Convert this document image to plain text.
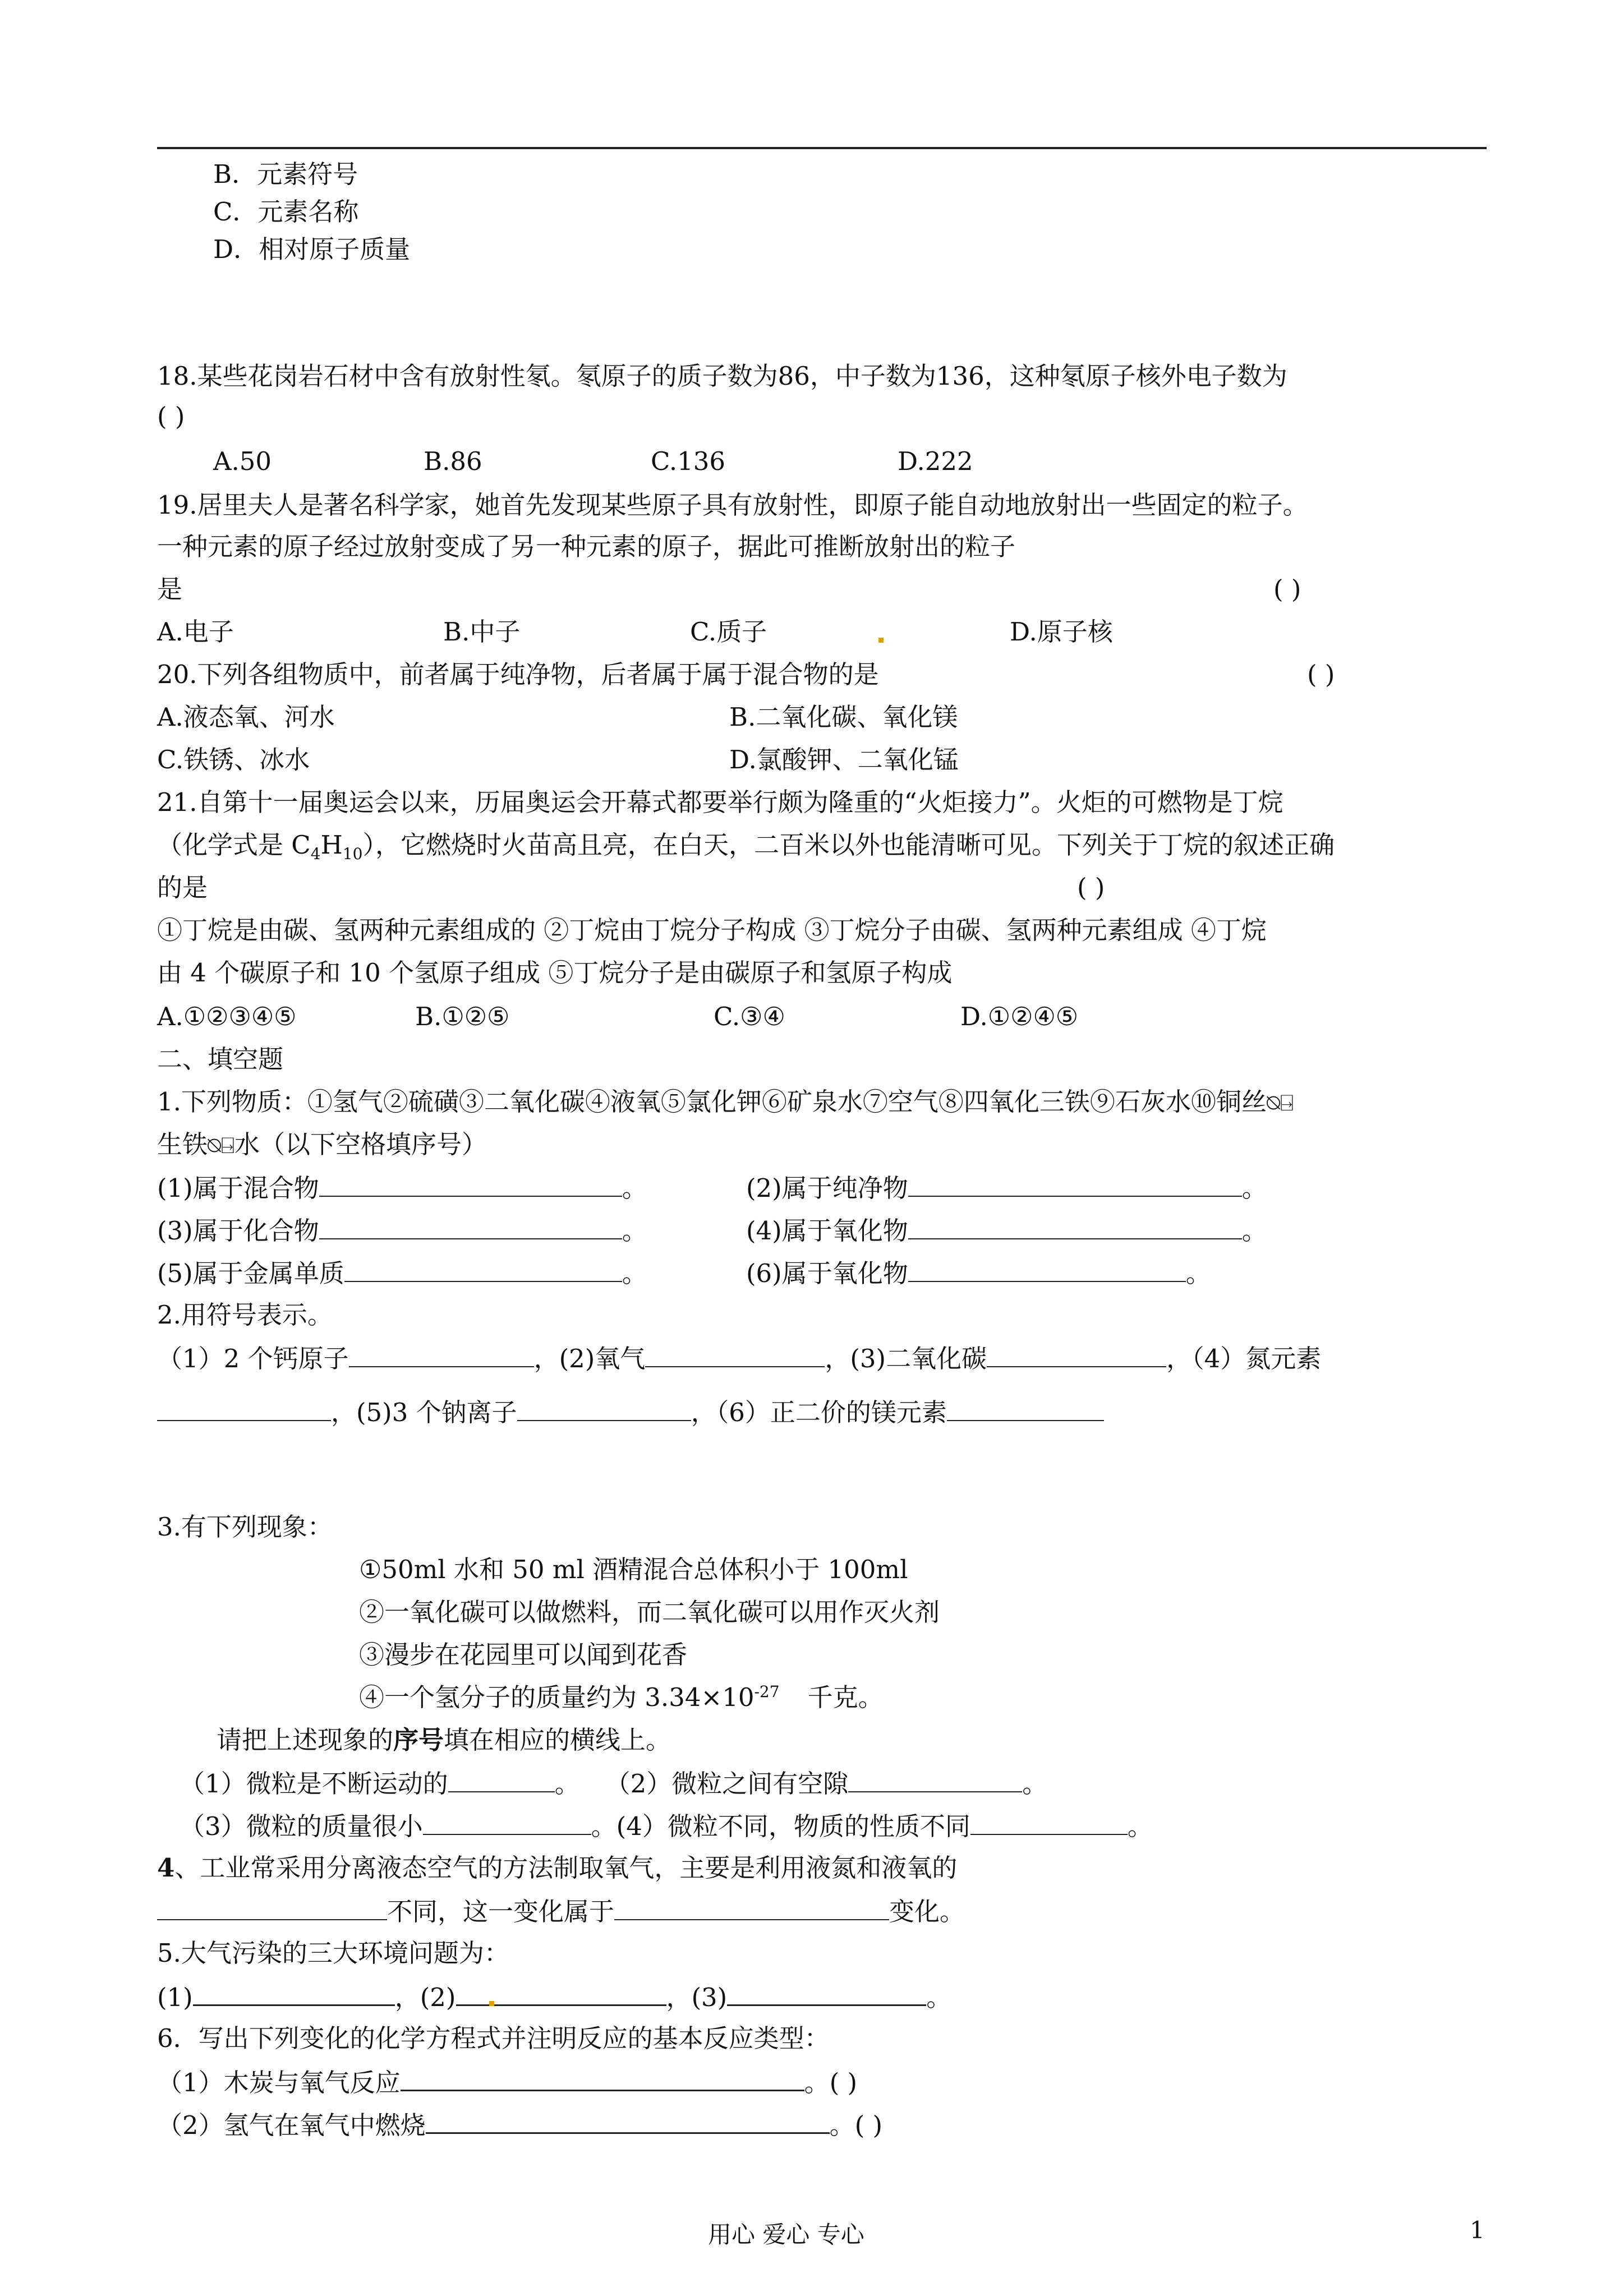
B．元素符号
C．元素名称
D．相对原子质量
18.某些花岗岩石材中含有放射性氡。氡原子的质子数为86，中子数为136，这种氡原子核外电子数为
( )
A.50	B.86	C.136	D.222
19.居里夫人是著名科学家，她首先发现某些原子具有放射性，即原子能自动地放射出一些固定的粒子。
一种元素的原子经过放射变成了另一种元素的原子，据此可推断放射出的粒子
是	( )
A.电子	B.中子	C.质子	D.原子核
20.下列各组物质中，前者属于纯净物，后者属于属于混合物的是	( )
A.液态氧、河水	B.二氧化碳、氧化镁
C.铁锈、冰水	D.氯酸钾、二氧化锰
21.自第十一届奥运会以来，历届奥运会开幕式都要举行颇为隆重的“火炬接力”。火炬的可燃物是丁烷
（化学式是 $C_4H_{10}$），它燃烧时火苗高且亮，在白天，二百米以外也能清晰可见。下列关于丁烷的叙述正确
的是	( )
①丁烷是由碳、氢两种元素组成的 ②丁烷由丁烷分子构成 ③丁烷分子由碳、氢两种元素组成 ④丁烷
由 4 个碳原子和 10 个氢原子组成 ⑤丁烷分子是由碳原子和氢原子构成
A.①②③④⑤	B.①②⑤	C.③④	D.①②④⑤
二、填空题
1.下列物质：①氢气②硫磺③二氧化碳④液氧⑤氯化钾⑥矿泉水⑦空气⑧四氧化三铁⑨石灰水⑩铜丝⍉⍈
生铁⍉⍈水（以下空格填序号）
(1)属于混合物	。	(2)属于纯净物	。
(3)属于化合物	。	(4)属于氧化物	。
(5)属于金属单质	。	(6)属于氧化物	。
2.用符号表示。
（1）2 个钙原子	，(2)氧气	，(3)二氧化碳	，（4）氮元素
，(5)3 个钠离子	，（6）正二价的镁元素
3.有下列现象：
①50ml 水和 50 ml 酒精混合总体积小于 100ml
②一氧化碳可以做燃料，而二氧化碳可以用作灭火剂
③漫步在花园里可以闻到花香
④一个氢分子的质量约为 $3.34\times 10^{-27}$ 千克。
请把上述现象的序号填在相应的横线上。
（1）微粒是不断运动的	。 （2）微粒之间有空隙	。
（3）微粒的质量很小	。(4）微粒不同，物质的性质不同	。
4、工业常采用分离液态空气的方法制取氧气，主要是利用液氮和液氧的
不同，这一变化属于	变化。
5.大气污染的三大环境问题为：
(1)	，(2)	，(3)	。
6．写出下列变化的化学方程式并注明反应的基本反应类型：
（1）木炭与氧气反应	。( )
（2）氢气在氧气中燃烧	。( )
用心 爱心 专心	1
